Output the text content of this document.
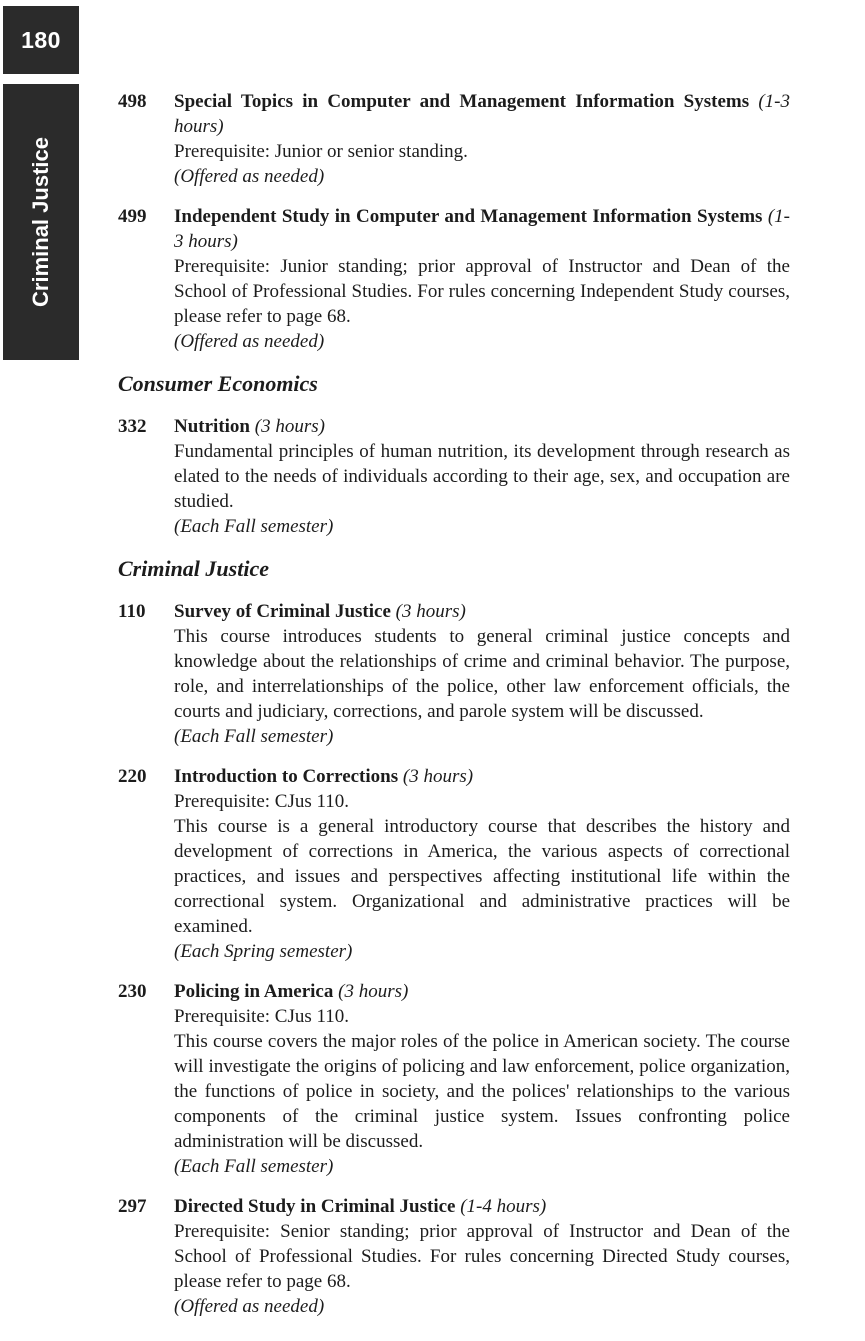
180
Criminal Justice
498 Special Topics in Computer and Management Information Systems (1-3 hours)

Prerequisite: Junior or senior standing.

(Offered as needed)

499 Independent Study in Computer and Management Information Systems (1-3 hours)

Prerequisite: Junior standing; prior approval of Instructor and Dean of the School of Professional Studies. For rules concerning Independent Study courses, please refer to page 68.

(Offered as needed)

Consumer Economics
332 Nutrition (3 hours)

Fundamental principles of human nutrition, its development through research as elated to the needs of individuals according to their age, sex, and occupation are studied.

(Each Fall semester)

Criminal Justice
110 Survey of Criminal Justice (3 hours)

This course introduces students to general criminal justice concepts and knowledge about the relationships of crime and criminal behavior. The purpose, role, and interrelationships of the police, other law enforcement officials, the courts and judiciary, corrections, and parole system will be discussed.

(Each Fall semester)

220 Introduction to Corrections (3 hours)

Prerequisite: CJus 110.

This course is a general introductory course that describes the history and development of corrections in America, the various aspects of correctional practices, and issues and perspectives affecting institutional life within the correctional system. Organizational and administrative practices will be examined.

(Each Spring semester)

230 Policing in America (3 hours)

Prerequisite: CJus 110.

This course covers the major roles of the police in American society. The course will investigate the origins of policing and law enforcement, police organization, the functions of police in society, and the polices' relationships to the various components of the criminal justice system. Issues confronting police administration will be discussed.

(Each Fall semester)

297 Directed Study in Criminal Justice (1-4 hours)

Prerequisite: Senior standing; prior approval of Instructor and Dean of the School of Professional Studies. For rules concerning Directed Study courses, please refer to page 68.

(Offered as needed)
